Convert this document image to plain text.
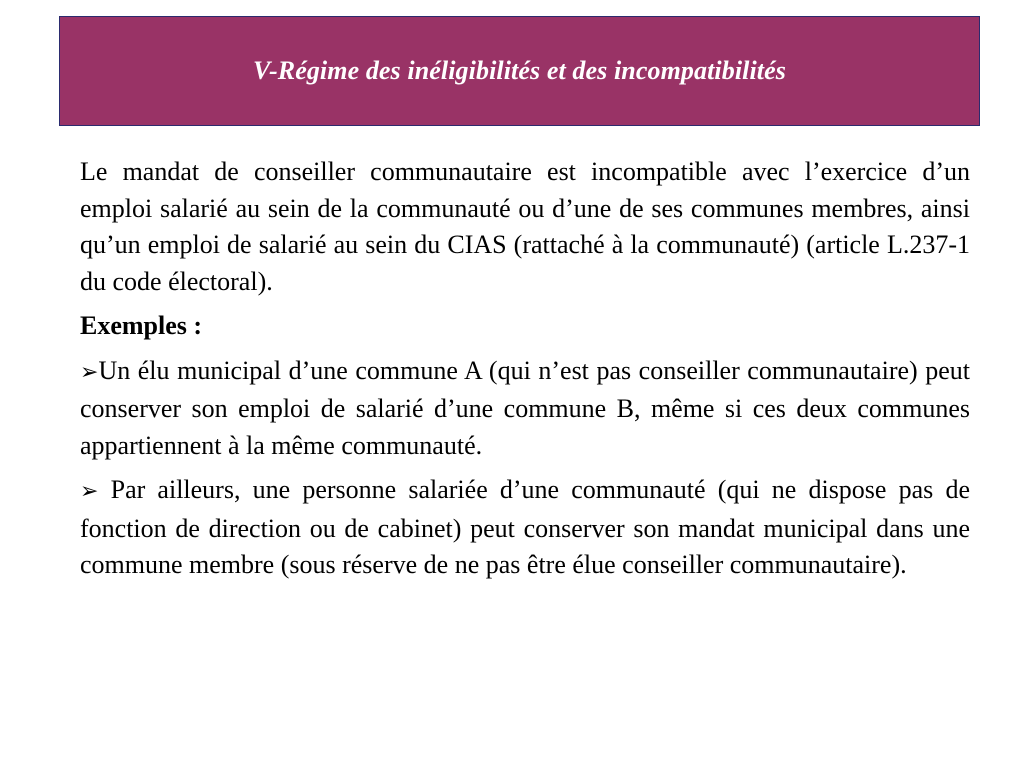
V-Régime des inéligibilités et des incompatibilités

Le mandat de conseiller communautaire est incompatible avec l’exercice d’un emploi salarié au sein de la communauté ou d’une de ses communes membres, ainsi qu’un emploi de salarié au sein du CIAS (rattaché à la communauté) (article L.237-1 du code électoral).

Exemples :

➢Un élu municipal d’une commune A (qui n’est pas conseiller communautaire) peut conserver son emploi de salarié d’une commune B, même si ces deux communes appartiennent à la même communauté.

➢ Par ailleurs, une personne salariée d’une communauté (qui ne dispose pas de fonction de direction ou de cabinet) peut conserver son mandat municipal dans une commune membre (sous réserve de ne pas être élue conseiller communautaire).
